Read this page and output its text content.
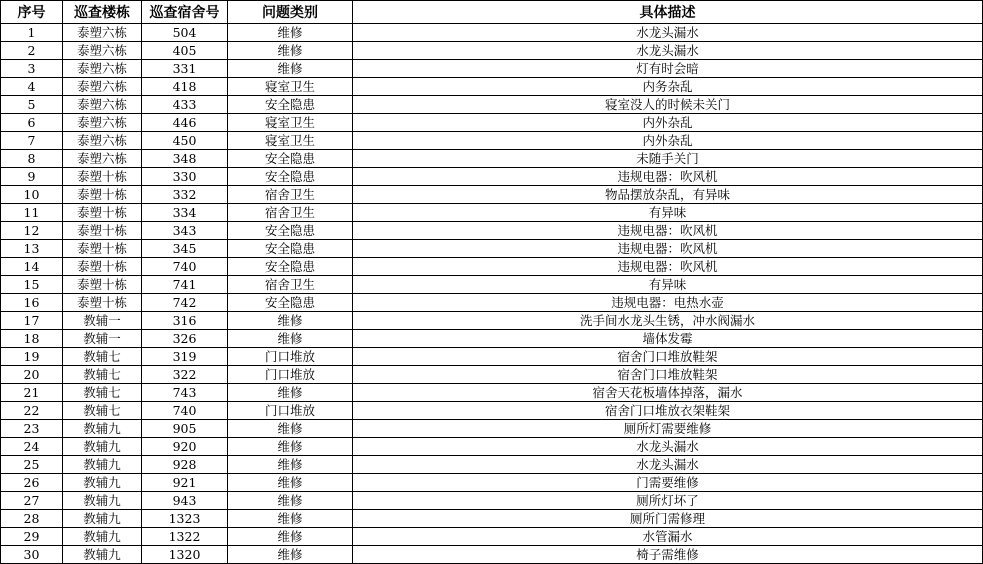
序号	巡查楼栋	巡查宿舍号	问题类别	具体描述
1	泰塑六栋	504	维修	水龙头漏水
2	泰塑六栋	405	维修	水龙头漏水
3	泰塑六栋	331	维修	灯有时会暗
4	泰塑六栋	418	寝室卫生	内务杂乱
5	泰塑六栋	433	安全隐患	寝室没人的时候未关门
6	泰塑六栋	446	寝室卫生	内外杂乱
7	泰塑六栋	450	寝室卫生	内外杂乱
8	泰塑六栋	348	安全隐患	未随手关门
9	泰塑十栋	330	安全隐患	违规电器：吹风机
10	泰塑十栋	332	宿舍卫生	物品摆放杂乱，有异味
11	泰塑十栋	334	宿舍卫生	有异味
12	泰塑十栋	343	安全隐患	违规电器：吹风机
13	泰塑十栋	345	安全隐患	违规电器：吹风机
14	泰塑十栋	740	安全隐患	违规电器：吹风机
15	泰塑十栋	741	宿舍卫生	有异味
16	泰塑十栋	742	安全隐患	违规电器：电热水壶
17	教辅一	316	维修	洗手间水龙头生锈，冲水阀漏水
18	教辅一	326	维修	墙体发霉
19	教辅七	319	门口堆放	宿舍门口堆放鞋架
20	教辅七	322	门口堆放	宿舍门口堆放鞋架
21	教辅七	743	维修	宿舍天花板墙体掉落，漏水
22	教辅七	740	门口堆放	宿舍门口堆放衣架鞋架
23	教辅九	905	维修	厕所灯需要维修
24	教辅九	920	维修	水龙头漏水
25	教辅九	928	维修	水龙头漏水
26	教辅九	921	维修	门需要维修
27	教辅九	943	维修	厕所灯坏了
28	教辅九	1323	维修	厕所门需修理
29	教辅九	1322	维修	水管漏水
30	教辅九	1320	维修	椅子需维修
